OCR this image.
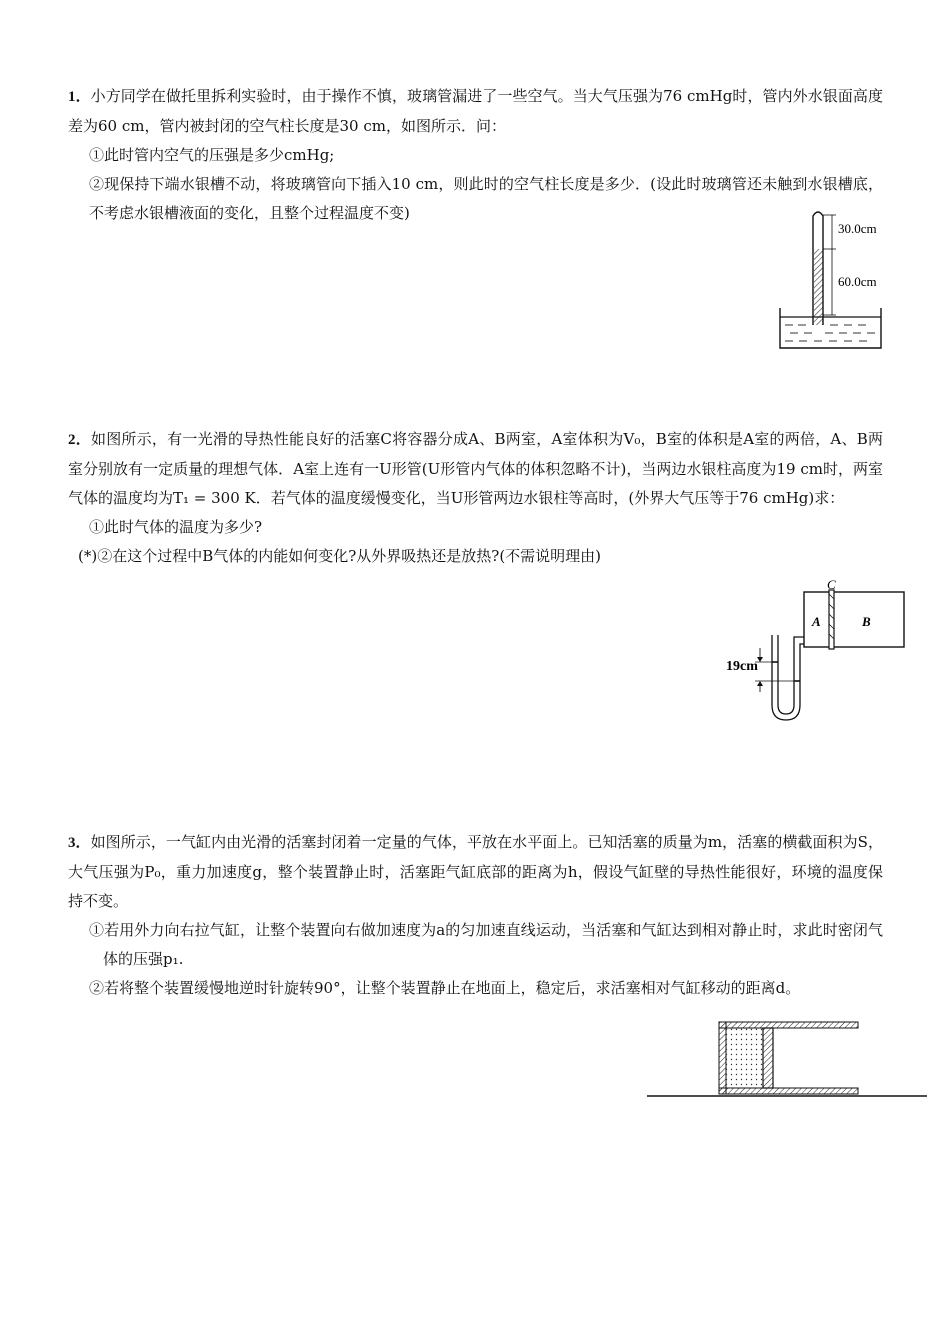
1．小方同学在做托里拆利实验时，由于操作不慎，玻璃管漏进了一些空气。当大气压强为76 cmHg时，管内外水银面高度差为60 cm，管内被封闭的空气柱长度是30 cm，如图所示．问：

①此时管内空气的压强是多少cmHg;

②现保持下端水银槽不动，将玻璃管向下插入10 cm，则此时的空气柱长度是多少．(设此时玻璃管还未触到水银槽底，不考虑水银槽液面的变化，且整个过程温度不变)

30.0cm
60.0cm

2．如图所示，有一光滑的导热性能良好的活塞C将容器分成A、B两室，A室体积为V₀，B室的体积是A室的两倍，A、B两室分别放有一定质量的理想气体．A室上连有一U形管(U形管内气体的体积忽略不计)，当两边水银柱高度为19 cm时，两室气体的温度均为T₁ = 300 K．若气体的温度缓慢变化，当U形管两边水银柱等高时，(外界大气压等于76 cmHg)求：

①此时气体的温度为多少?

(*)②在这个过程中B气体的内能如何变化?从外界吸热还是放热?(不需说明理由)

C
A	B
19cm

3．如图所示，一气缸内由光滑的活塞封闭着一定量的气体，平放在水平面上。已知活塞的质量为m，活塞的横截面积为S，大气压强为P₀，重力加速度g，整个装置静止时，活塞距气缸底部的距离为h，假设气缸壁的导热性能很好，环境的温度保持不变。

①若用外力向右拉气缸，让整个装置向右做加速度为a的匀加速直线运动，当活塞和气缸达到相对静止时，求此时密闭气体的压强p₁.

②若将整个装置缓慢地逆时针旋转90°，让整个装置静止在地面上，稳定后，求活塞相对气缸移动的距离d。
